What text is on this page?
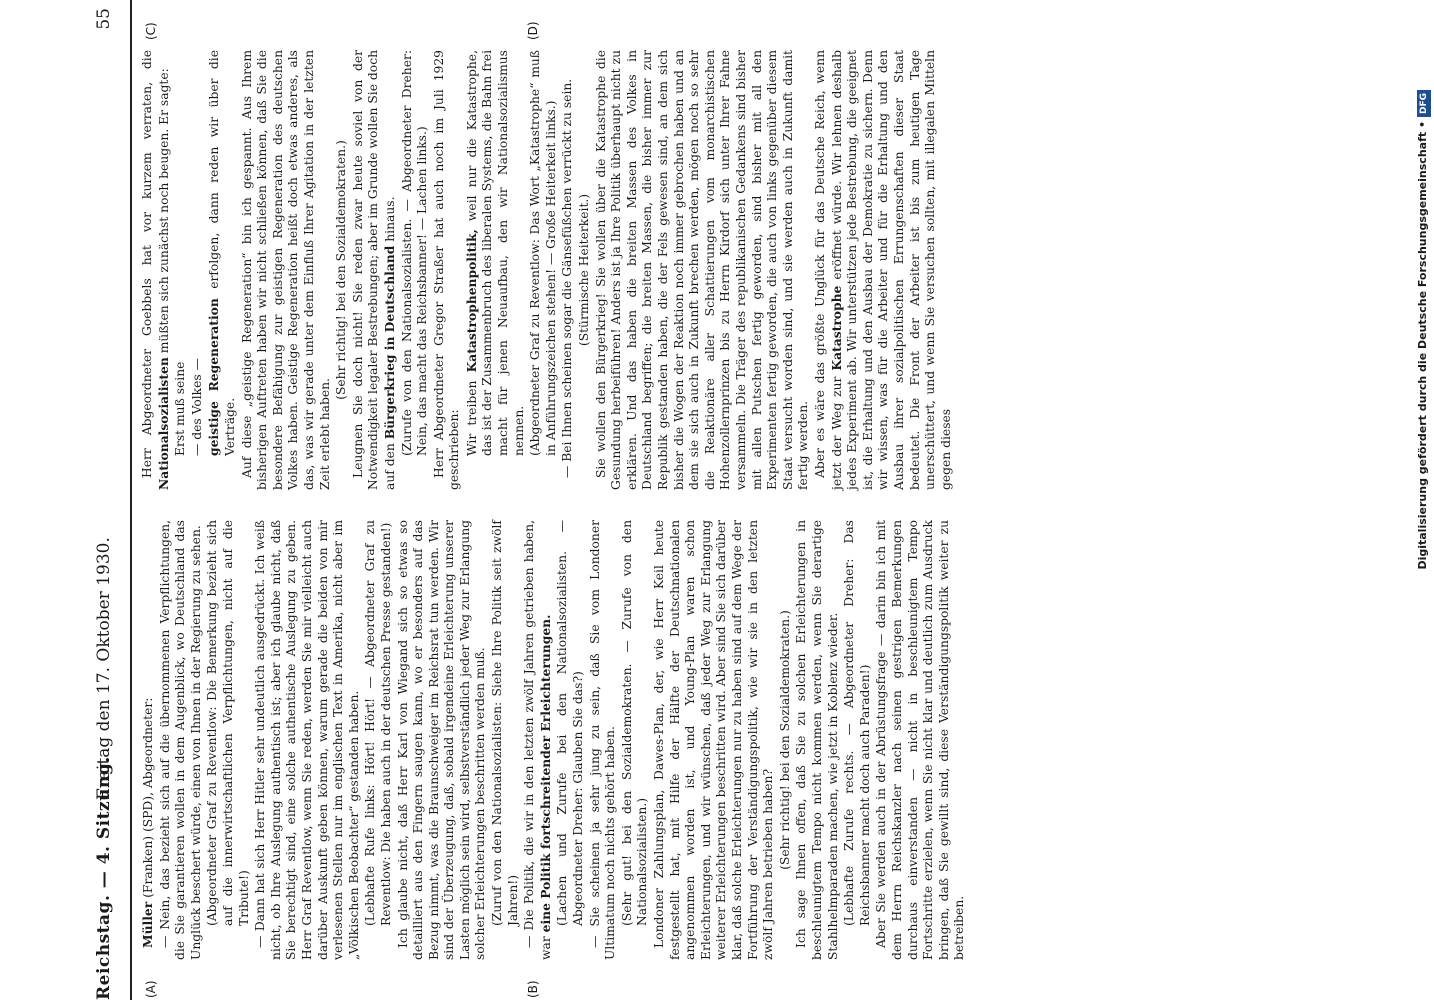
Reichstag. — 4. Sitzung.
Freitag den 17. Oktober 1930.
55
(A)	(B)
(C)	(D)

Müller (Franken) (SPD), Abgeordneter: — Nein, das bezieht sich auf die übernommenen Verpflichtungen, die Sie garantieren wollen in dem Augenblick, wo Deutschland das Unglück beschert würde, einen von Ihnen in der Regierung zu sehen. (Abgeordneter Graf zu Reventlow: Die Bemerkung bezieht sich auf die innerwirtschaftlichen Verpflichtungen, nicht auf die Tribute!) — Dann hat sich Herr Hitler sehr undeutlich ausgedrückt. Ich weiß nicht, ob Ihre Auslegung authentisch ist; aber ich glaube nicht, daß Sie berechtigt sind, eine solche authentische Auslegung zu geben. Herr Graf Reventlow, wenn Sie reden, werden Sie mir vielleicht auch darüber Auskunft geben können, warum gerade die beiden von mir verlesenen Stellen nur im englischen Text in Amerika, nicht aber im „Völkischen Beobachter“ gestanden haben. (Lebhafte Rufe links: Hört! Hört! — Abgeordneter Graf zu Reventlow: Die haben auch in der deutschen Presse gestanden!) Ich glaube nicht, daß Herr Karl von Wiegand sich so etwas so detailliert aus den Fingern saugen kann, wo er besonders auf das Bezug nimmt, was die Braunschweiger im Reichsrat tun werden. Wir sind der Überzeugung, daß, sobald irgendeine Erleichterung unserer Lasten möglich sein wird, selbstverständlich jeder Weg zur Erlangung solcher Erleichterungen beschritten werden muß. (Zuruf von den Nationalsozialisten: Siehe Ihre Politik seit zwölf Jahren!) — Die Politik, die wir in den letzten zwölf Jahren getrieben haben, war eine Politik fortschreitender Erleichterungen. (Lachen und Zurufe bei den Nationalsozialisten. — Abgeordneter Dreher: Glauben Sie das?) — Sie scheinen ja sehr jung zu sein, daß Sie vom Londoner Ultimatum noch nichts gehört haben. (Sehr gut! bei den Sozialdemokraten. — Zurufe von den Nationalsozialisten.) Londoner Zahlungsplan, Dawes-Plan, der, wie Herr Keil heute festgestellt hat, mit Hilfe der Hälfte der Deutschnationalen angenommen worden ist, und Young-Plan waren schon Erleichterungen, und wir wünschen, daß jeder Weg zur Erlangung weiterer Erleichterungen beschritten wird. Aber sind Sie sich darüber klar, daß solche Erleichterungen nur zu haben sind auf dem Wege der Fortführung der Verständigungspolitik, wie wir sie in den letzten zwölf Jahren betrieben haben? (Sehr richtig! bei den Sozialdemokraten.) Ich sage Ihnen offen, daß Sie zu solchen Erleichterungen in beschleunigtem Tempo nicht kommen werden, wenn Sie derartige Stahlhelmparaden machen, wie jetzt in Koblenz wieder. (Lebhafte Zurufe rechts. — Abgeordneter Dreher: Das Reichsbanner macht doch auch Paraden!) Aber Sie werden auch in der Abrüstungsfrage — darin bin ich mit dem Herrn Reichskanzler nach seinen gestrigen Bemerkungen durchaus einverstanden — nicht in beschleunigtem Tempo Fortschritte erzielen, wenn Sie nicht klar und deutlich zum Ausdruck bringen, daß Sie gewillt sind, diese Verständigungspolitik weiter zu betreiben.

Herr Abgeordneter Goebbels hat vor kurzem verraten, die Nationalsozialisten müßten sich zunächst noch beugen. Er sagte:

Erst muß seine — des Volkes — geistige Regeneration erfolgen, dann reden wir über die Verträge. Auf diese „geistige Regeneration“ bin ich gespannt. Aus Ihrem bisherigen Auftreten haben wir nicht schließen können, daß Sie die besondere Befähigung zur geistigen Regeneration des deutschen Volkes haben. Geistige Regeneration heißt doch etwas anderes, als das, was wir gerade unter dem Einfluß Ihrer Agitation in der letzten Zeit erlebt haben.

(Sehr richtig! bei den Sozialdemokraten.) Leugnen Sie doch nicht! Sie reden zwar heute soviel von der Notwendigkeit legaler Bestrebungen; aber im Grunde wollen Sie doch auf den Bürgerkrieg in Deutschland hinaus. (Zurufe von den Nationalsozialisten. — Abgeordneter Dreher: Nein, das macht das Reichsbanner! — Lachen links.) Herr Abgeordneter Gregor Straßer hat auch noch im Juli 1929 geschrieben: Wir treiben Katastrophenpolitik, weil nur die Katastrophe, das ist der Zusammenbruch des liberalen Systems, die Bahn frei macht für jenen Neuaufbau, den wir Nationalsozialismus nennen. (Abgeordneter Graf zu Reventlow: Das Wort „Katastrophe“ muß in Anführungszeichen stehen! — Große Heiterkeit links.) — Bei Ihnen scheinen sogar die Gänsefüßchen verrückt zu sein. (Stürmische Heiterkeit.) Sie wollen den Bürgerkrieg! Sie wollen über die Katastrophe die Gesundung herbeiführen! Anders ist ja Ihre Politik überhaupt nicht zu erklären. Und das haben die breiten Massen des Volkes in Deutschland begriffen; die breiten Massen, die bisher immer zur Republik gestanden haben, die der Fels gewesen sind, an dem sich bisher die Wogen der Reaktion noch immer gebrochen haben und an dem sie sich auch in Zukunft brechen werden, mögen noch so sehr die Reaktionäre aller Schattierungen vom monarchistischen Hohenzollernprinzen bis zu Herrn Kirdorf sich unter Ihrer Fahne versammeln. Die Träger des republikanischen Gedankens sind bisher mit allen Putschen fertig geworden, sind bisher mit all den Experimenten fertig geworden, die auch von links gegenüber diesem Staat versucht worden sind, und sie werden auch in Zukunft damit fertig werden. Aber es wäre das größte Unglück für das Deutsche Reich, wenn jetzt der Weg zur Katastrophe eröffnet würde. Wir lehnen deshalb jedes Experiment ab. Wir unterstützen jede Bestrebung, die geeignet ist, die Erhaltung und den Ausbau der Demokratie zu sichern. Denn wir wissen, was für die Arbeiter und für die Erhaltung und den Ausbau ihrer sozialpolitischen Errungenschaften dieser Staat bedeutet. Die Front der Arbeiter ist bis zum heutigen Tage unerschüttert, und wenn Sie versuchen sollten, mit illegalen Mitteln gegen dieses	Digitalisierung gefördert durch die Deutsche Forschungsgemeinschaft •DFG
